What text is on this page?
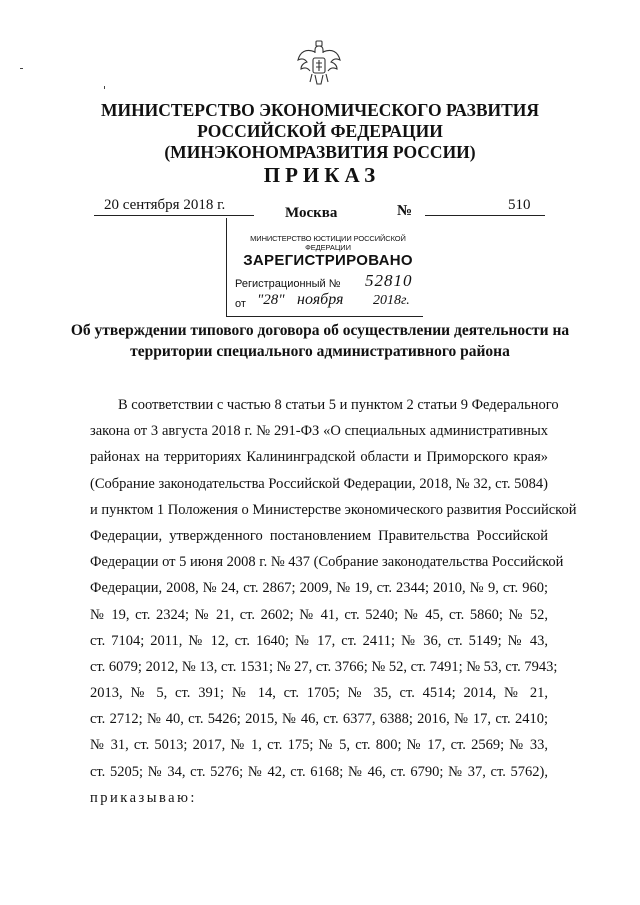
МИНИСТЕРСТВО ЭКОНОМИЧЕСКОГО РАЗВИТИЯ
РОССИЙСКОЙ ФЕДЕРАЦИИ
(МИНЭКОНОМРАЗВИТИЯ РОССИИ)
ПРИКАЗ
20 сентября 2018 г.	Москва	№	510
МИНИСТЕРСТВО ЮСТИЦИИ РОССИЙСКОЙ ФЕДЕРАЦИИ
ЗАРЕГИСТРИРОВАНО
Регистрационный № 52810
от "28" ноября 2018г.
Об утверждении типового договора об осуществлении деятельности на
территории специального административного района
В соответствии с частью 8 статьи 5 и пунктом 2 статьи 9 Федерального
закона от 3 августа 2018 г. № 291-ФЗ «О специальных административных
районах на территориях Калининградской области и Приморского края»
(Собрание законодательства Российской Федерации, 2018, № 32, ст. 5084)
и пунктом 1 Положения о Министерстве экономического развития Российской
Федерации, утвержденного постановлением Правительства Российской
Федерации от 5 июня 2008 г. № 437 (Собрание законодательства Российской
Федерации, 2008, № 24, ст. 2867; 2009, № 19, ст. 2344; 2010, № 9, ст. 960;
№ 19, ст. 2324; № 21, ст. 2602; № 41, ст. 5240; № 45, ст. 5860; № 52,
ст. 7104; 2011, № 12, ст. 1640; № 17, ст. 2411; № 36, ст. 5149; № 43,
ст. 6079; 2012, № 13, ст. 1531; № 27, ст. 3766; № 52, ст. 7491; № 53, ст. 7943;
2013, № 5, ст. 391; № 14, ст. 1705; № 35, ст. 4514; 2014, № 21,
ст. 2712; № 40, ст. 5426; 2015, № 46, ст. 6377, 6388; 2016, № 17, ст. 2410;
№ 31, ст. 5013; 2017, № 1, ст. 175; № 5, ст. 800; № 17, ст. 2569; № 33,
ст. 5205; № 34, ст. 5276; № 42, ст. 6168; № 46, ст. 6790; № 37, ст. 5762),
приказываю:
